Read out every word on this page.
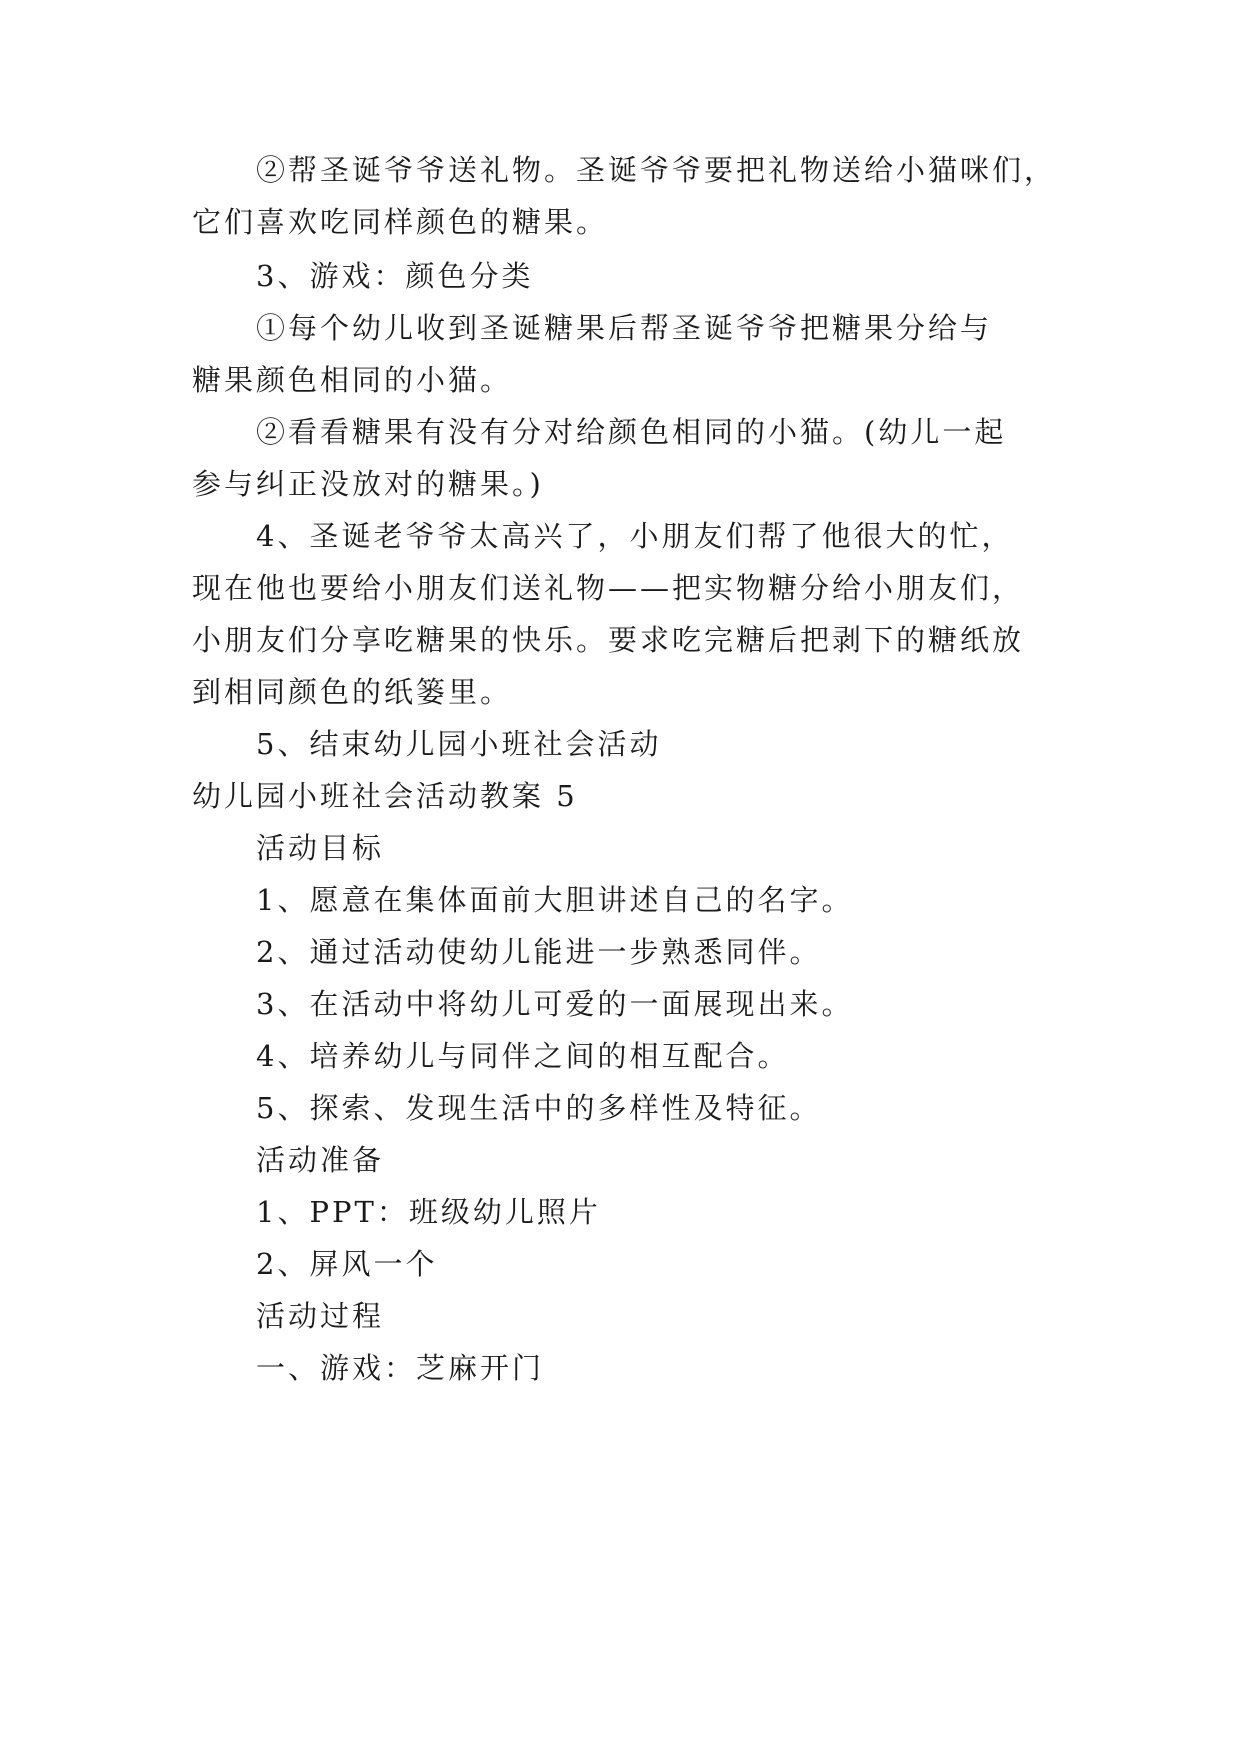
②帮圣诞爷爷送礼物。圣诞爷爷要把礼物送给小猫咪们，
它们喜欢吃同样颜色的糖果。
3、游戏：颜色分类
①每个幼儿收到圣诞糖果后帮圣诞爷爷把糖果分给与
糖果颜色相同的小猫。
②看看糖果有没有分对给颜色相同的小猫。(幼儿一起
参与纠正没放对的糖果。)
4、圣诞老爷爷太高兴了，小朋友们帮了他很大的忙，
现在他也要给小朋友们送礼物——把实物糖分给小朋友们，
小朋友们分享吃糖果的快乐。要求吃完糖后把剥下的糖纸放
到相同颜色的纸篓里。
5、结束幼儿园小班社会活动
幼儿园小班社会活动教案 5
活动目标
1、愿意在集体面前大胆讲述自己的名字。
2、通过活动使幼儿能进一步熟悉同伴。
3、在活动中将幼儿可爱的一面展现出来。
4、培养幼儿与同伴之间的相互配合。
5、探索、发现生活中的多样性及特征。
活动准备
1、PPT：班级幼儿照片
2、屏风一个
活动过程
一、游戏：芝麻开门
